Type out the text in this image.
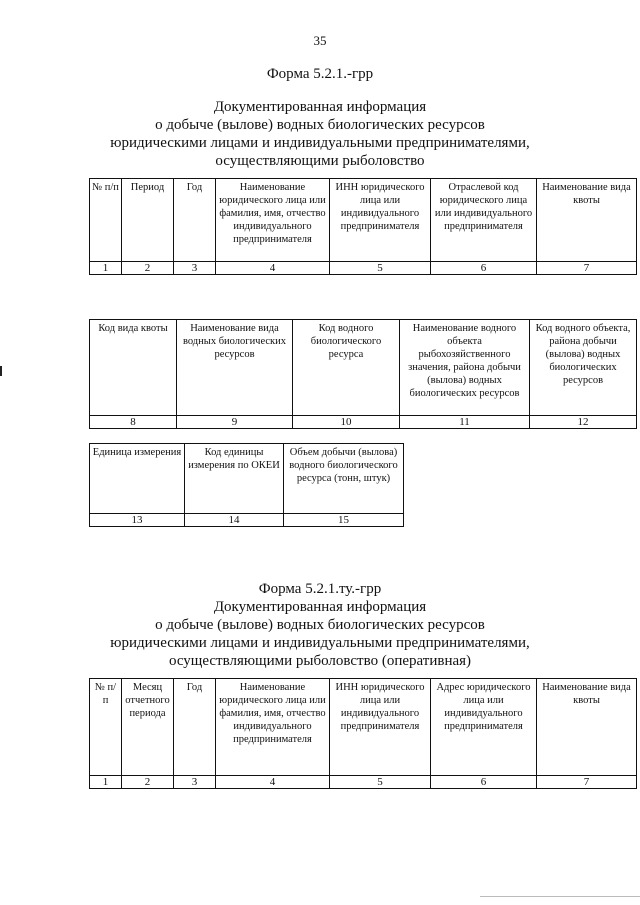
35
Форма 5.2.1.-грр
Документированная информация
о добыче (вылове) водных биологических ресурсов
юридическими лицами и индивидуальными предпринимателями,
осуществляющими рыболовство
№ п/п	Период	Год	Наименование юридического лица или фамилия, имя, отчество индивидуального предпринимателя	ИНН юридического лица или индивидуального предпринимателя	Отраслевой код юридического лица или индивидуального предпринимателя	Наименование вида квоты
1	2	3	4	5	6	7
Код вида квоты	Наименование вида водных биологических ресурсов	Код водного биологического ресурса	Наименование водного объекта рыбохозяйственного значения, района добычи (вылова) водных биологических ресурсов	Код водного объекта, района добычи (вылова) водных биологических ресурсов
8	9	10	11	12
Единица измерения	Код единицы измерения по ОКЕИ	Объем добычи (вылова) водного биологического ресурса (тонн, штук)
13	14	15
Форма 5.2.1.ту.-грр
Документированная информация
о добыче (вылове) водных биологических ресурсов
юридическими лицами и индивидуальными предпринимателями,
осуществляющими рыболовство (оперативная)
№ п/ п	Месяц отчетного периода	Год	Наименование юридического лица или фамилия, имя, отчество индивидуального предпринимателя	ИНН юридического лица или индивидуального предпринимателя	Адрес юридического лица или индивидуального предпринимателя	Наименование вида квоты
1	2	3	4	5	6	7
